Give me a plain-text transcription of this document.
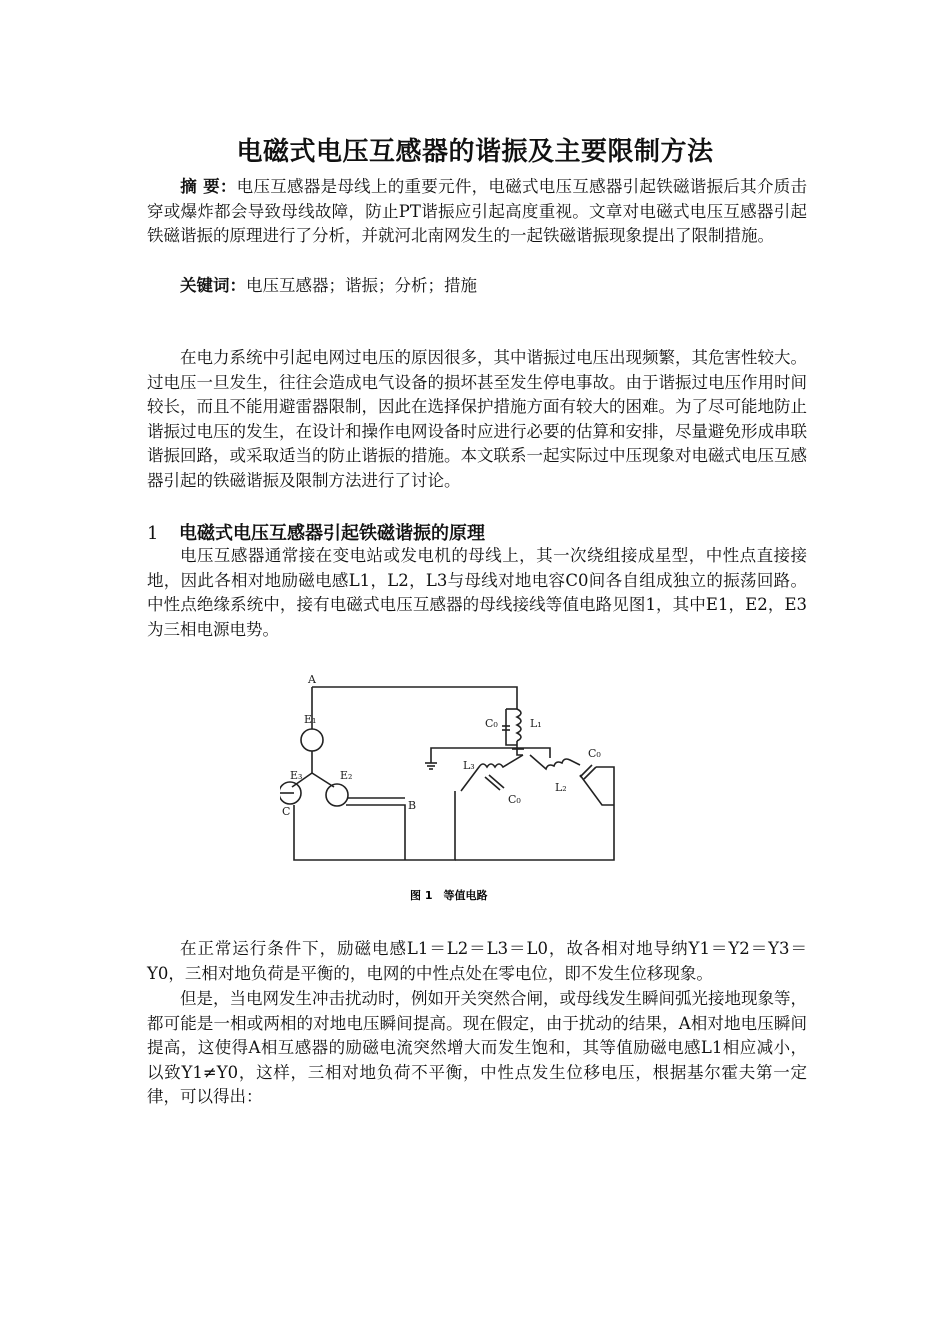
电磁式电压互感器的谐振及主要限制方法
摘 要：电压互感器是母线上的重要元件，电磁式电压互感器引起铁磁谐振后其介质击穿或爆炸都会导致母线故障，防止PT谐振应引起高度重视。文章对电磁式电压互感器引起铁磁谐振的原理进行了分析，并就河北南网发生的一起铁磁谐振现象提出了限制措施。
关键词：电压互感器；谐振；分析；措施
在电力系统中引起电网过电压的原因很多，其中谐振过电压出现频繁，其危害性较大。过电压一旦发生，往往会造成电气设备的损坏甚至发生停电事故。由于谐振过电压作用时间较长，而且不能用避雷器限制，因此在选择保护措施方面有较大的困难。为了尽可能地防止谐振过电压的发生，在设计和操作电网设备时应进行必要的估算和安排，尽量避免形成串联谐振回路，或采取适当的防止谐振的措施。本文联系一起实际过中压现象对电磁式电压互感器引起的铁磁谐振及限制方法进行了讨论。
1 电磁式电压互感器引起铁磁谐振的原理
电压互感器通常接在变电站或发电机的母线上，其一次绕组接成星型，中性点直接接地，因此各相对地励磁电感L1，L2，L3与母线对地电容C0间各自组成独立的振荡回路。中性点绝缘系统中，接有电磁式电压互感器的母线接线等值电路见图1，其中E1，E2，E3为三相电源电势。
A
E₁
E₃	E₂
C	B
C₀	L₁
L₃
C₀
L₂
C₀
图 1　等值电路
在正常运行条件下，励磁电感L1＝L2＝L3＝L0，故各相对地导纳Y1＝Y2＝Y3＝Y0，三相对地负荷是平衡的，电网的中性点处在零电位，即不发生位移现象。
但是，当电网发生冲击扰动时，例如开关突然合闸，或母线发生瞬间弧光接地现象等，都可能是一相或两相的对地电压瞬间提高。现在假定，由于扰动的结果，A相对地电压瞬间提高，这使得A相互感器的励磁电流突然增大而发生饱和，其等值励磁电感L1相应减小，以致Y1≠Y0，这样，三相对地负荷不平衡，中性点发生位移电压，根据基尔霍夫第一定律，可以得出：
